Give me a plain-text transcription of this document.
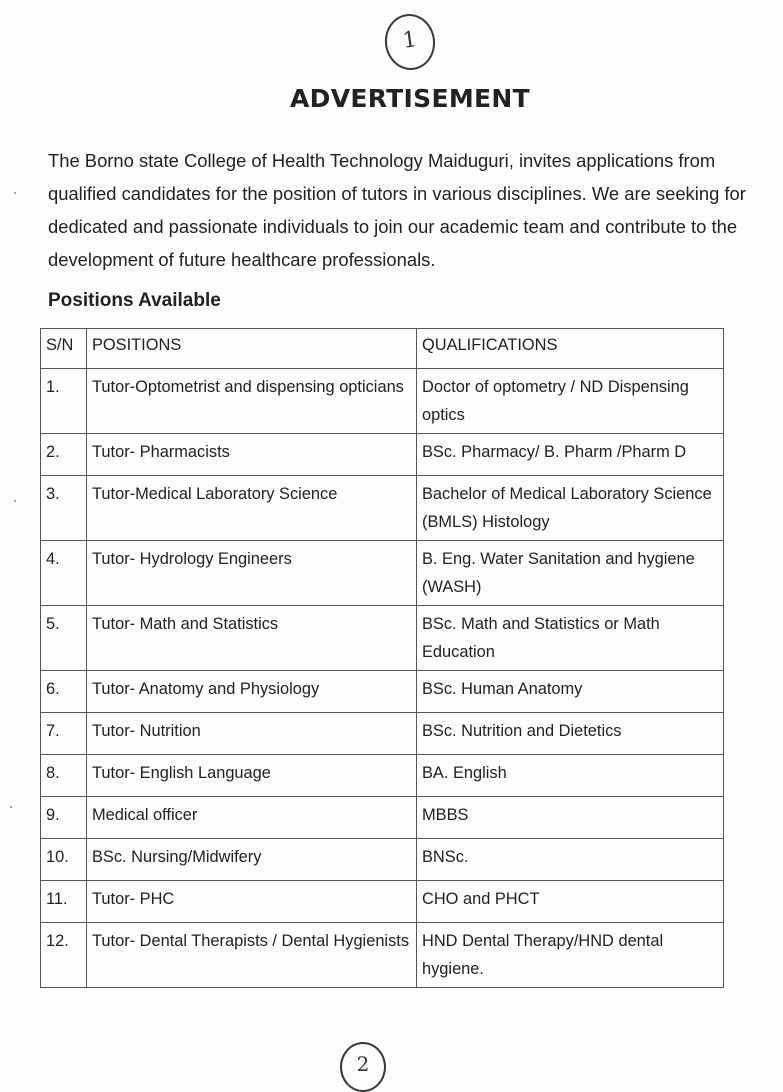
1
ADVERTISEMENT

The Borno state College of Health Technology Maiduguri, invites applications from qualified candidates for the position of tutors in various disciplines. We are seeking for dedicated and passionate individuals to join our academic team and contribute to the development of future healthcare professionals.

Positions Available
S/N	POSITIONS	QUALIFICATIONS
1.	Tutor-Optometrist and dispensing opticians	Doctor of optometry / ND Dispensing optics
2.	Tutor- Pharmacists	BSc. Pharmacy/ B. Pharm /Pharm D
3.	Tutor-Medical Laboratory Science	Bachelor of Medical Laboratory Science (BMLS) Histology
4.	Tutor- Hydrology Engineers	B. Eng. Water Sanitation and hygiene (WASH)
5.	Tutor- Math and Statistics	BSc. Math and Statistics or Math Education
6.	Tutor- Anatomy and Physiology	BSc. Human Anatomy
7.	Tutor- Nutrition	BSc. Nutrition and Dietetics
8.	Tutor- English Language	BA. English
9.	Medical officer	MBBS
10.	BSc. Nursing/Midwifery	BNSc.
11.	Tutor- PHC	CHO and PHCT
12.	Tutor- Dental Therapists / Dental Hygienists	HND Dental Therapy/HND dental hygiene.
2
